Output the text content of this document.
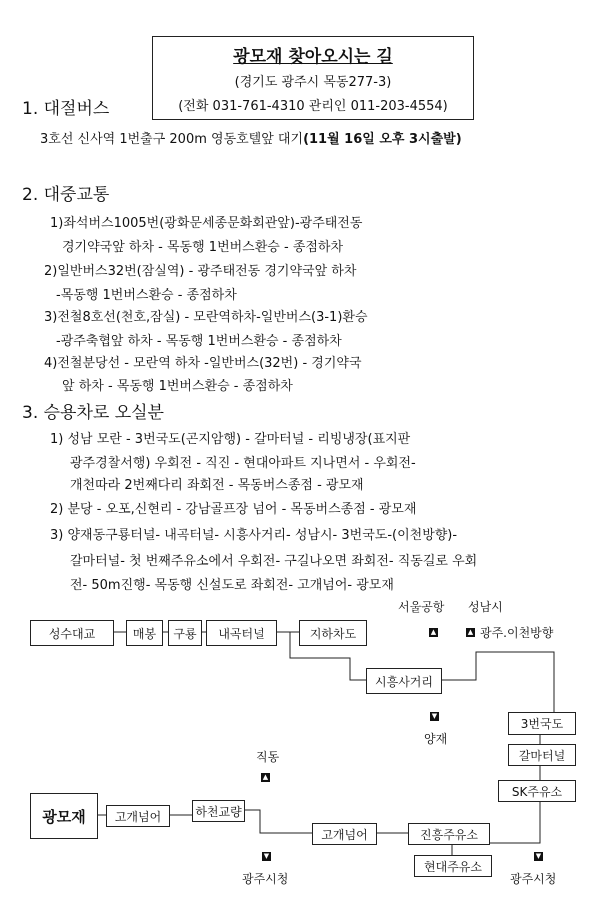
광모재 찾아오시는 길
(경기도 광주시 목동277-3)
(전화 031-761-4310 관리인 011-203-4554)
1. 대절버스
3호선 신사역 1번출구 200m 영동호텔앞 대기(11월 16일 오후 3시출발)
2. 대중교통
1)좌석버스1005번(광화문세종문화회관앞)-광주태전동
경기약국앞 하차 - 목동행 1번버스환승 - 종점하차
2)일반버스32번(잠실역) - 광주태전동 경기약국앞 하차
-목동행 1번버스환승 - 종점하차
3)전철8호선(천호,잠실) - 모란역하차-일반버스(3-1)환승
-광주축협앞 하차 - 목동행 1번버스환승 - 종점하차
4)전철분당선 - 모란역 하차 -일반버스(32번) - 경기약국
앞 하차 - 목동행 1번버스환승 - 종점하차
3. 승용차로 오실분
1) 성남 모란 - 3번국도(곤지암행) - 갈마터널 - 리빙냉장(표지판
광주경찰서행) 우회전 - 직진 - 현대아파트 지나면서 - 우회전-
개천따라 2번째다리 좌회전 - 목동버스종점 - 광모재
2) 분당 - 오포,신현리 - 강남골프장 넘어 - 목동버스종점 - 광모재
3) 양재동구룡터널- 내곡터널- 시흥사거리- 성남시- 3번국도-(이천방향)-
갈마터널- 첫 번째주유소에서 우회전- 구길나오면 좌회전- 직동길로 우회
전- 50m진행- 목동행 신설도로 좌회전- 고개넘어- 광모재
성수대교	매봉	구룡	내곡터널	지하차도
시흥사거리
3번국도
갈마터널
SK주유소
광모재	고개넘어	하천교량
고개넘어	진흥주유소
현대주유소
서울공항 성남시
▲	▲ 광주.이천방향
▼
양재
직동
▲
▼
광주시청
▼
광주시청
